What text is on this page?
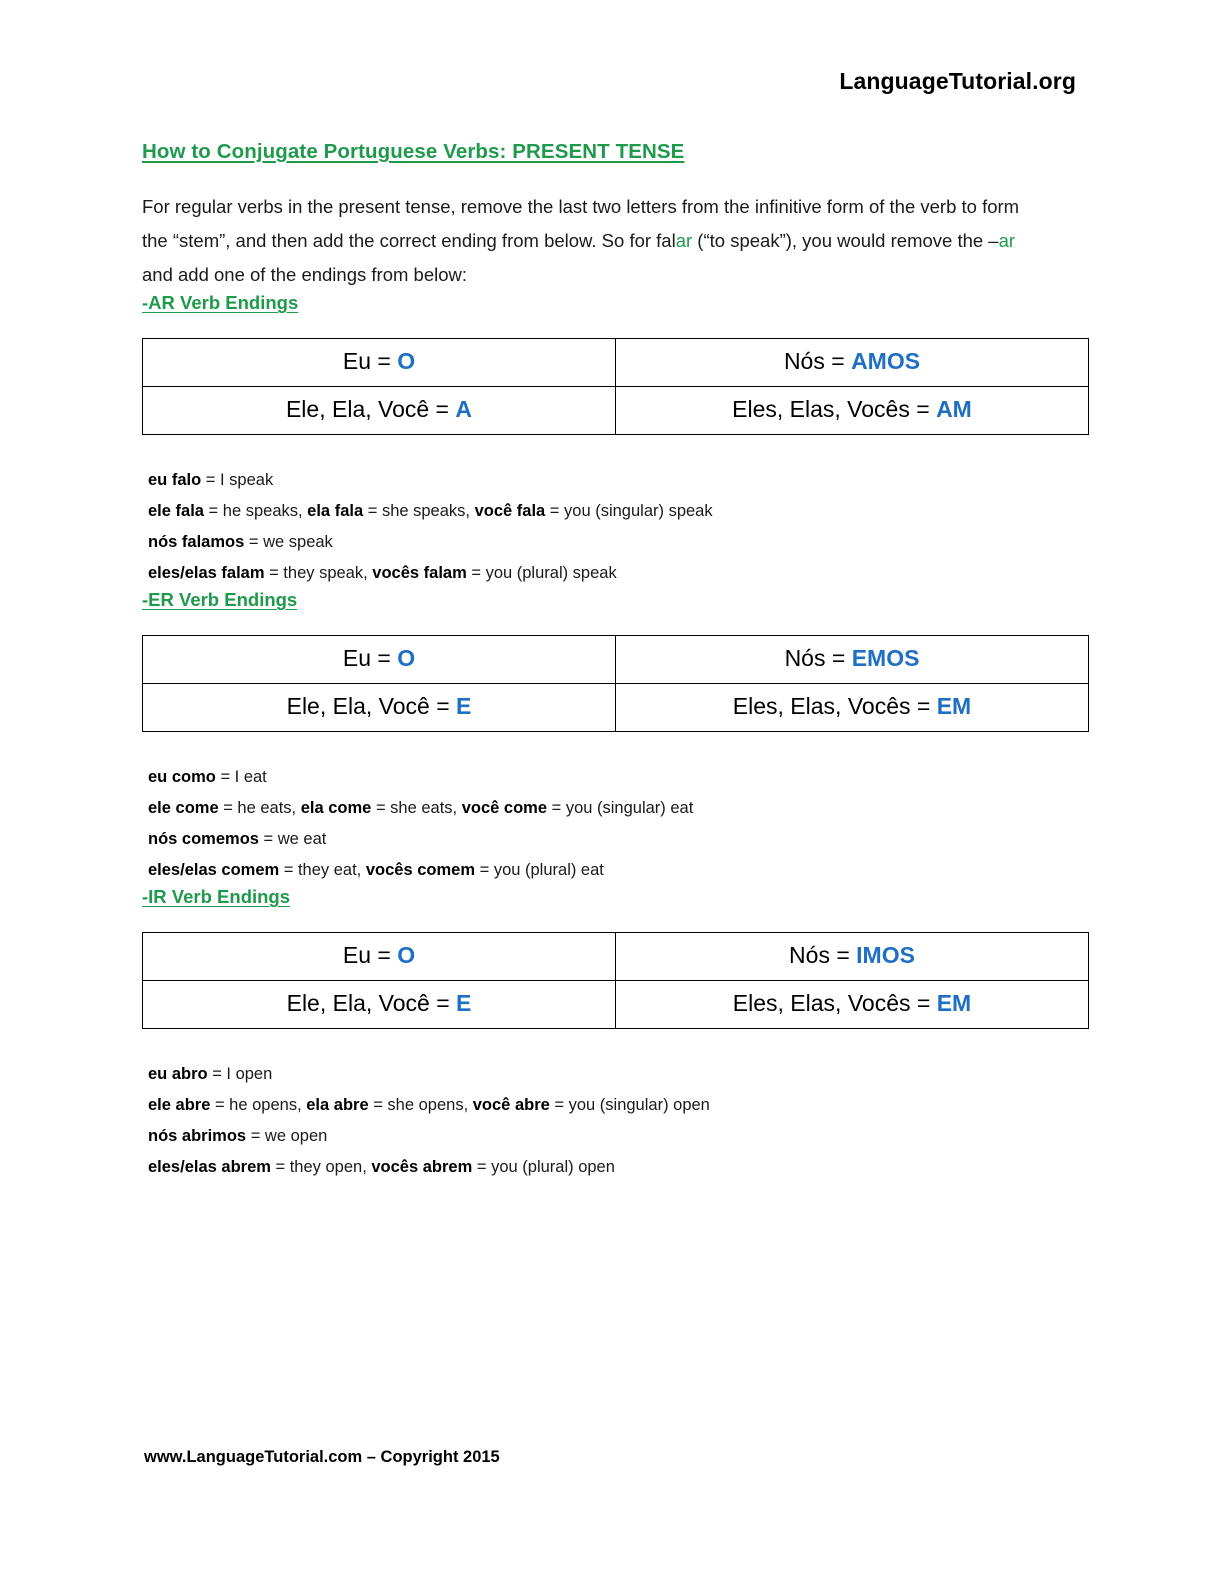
LanguageTutorial.org
How to Conjugate Portuguese Verbs: PRESENT TENSE

For regular verbs in the present tense, remove the last two letters from the infinitive form of the verb to form the “stem”, and then add the correct ending from below. So for falar (“to speak”), you would remove the –ar and add one of the endings from below:

-AR Verb Endings
Eu = O	Nós = AMOS
Ele, Ela, Você = A	Eles, Elas, Vocês = AM
eu falo = I speak
ele fala = he speaks, ela fala = she speaks, você fala = you (singular) speak
nós falamos = we speak
eles/elas falam = they speak, vocês falam = you (plural) speak
-ER Verb Endings
Eu = O	Nós = EMOS
Ele, Ela, Você = E	Eles, Elas, Vocês = EM
eu como = I eat
ele come = he eats, ela come = she eats, você come = you (singular) eat
nós comemos = we eat
eles/elas comem = they eat, vocês comem = you (plural) eat
-IR Verb Endings
Eu = O	Nós = IMOS
Ele, Ela, Você = E	Eles, Elas, Vocês = EM
eu abro = I open
ele abre = he opens, ela abre = she opens, você abre = you (singular) open
nós abrimos = we open
eles/elas abrem = they open, vocês abrem = you (plural) open
www.LanguageTutorial.com – Copyright 2015
